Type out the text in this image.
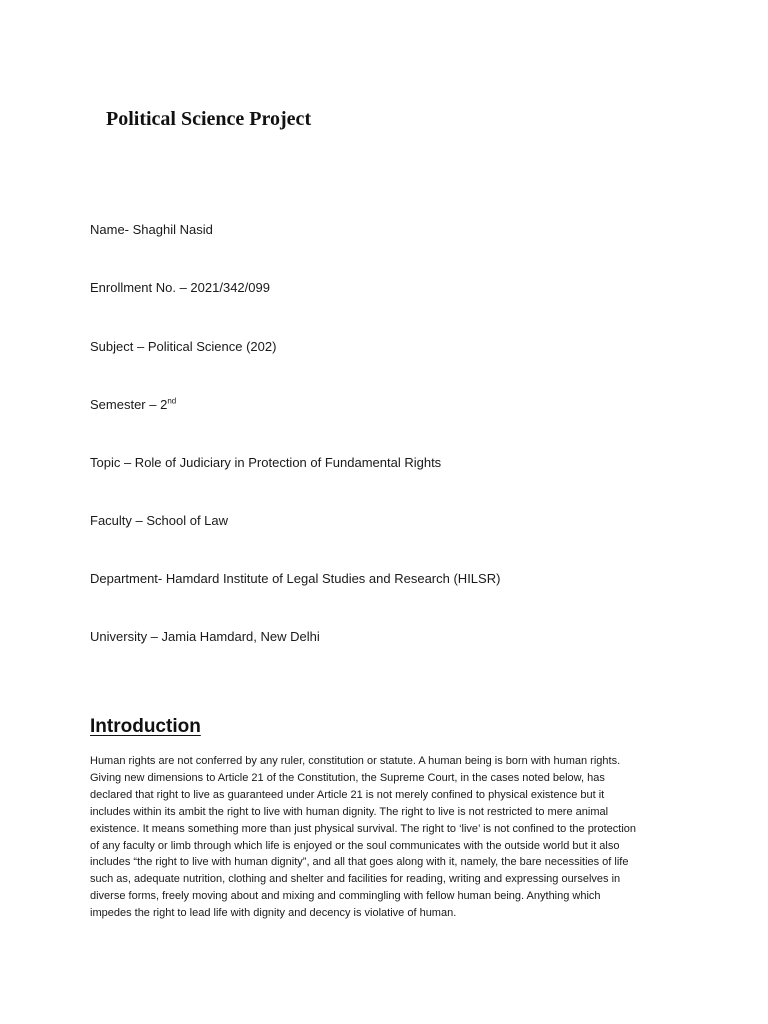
Political Science Project
Name- Shaghil Nasid
Enrollment No. – 2021/342/099
Subject – Political Science (202)
Semester – 2nd
Topic – Role of Judiciary in Protection of Fundamental Rights
Faculty – School of Law
Department- Hamdard Institute of Legal Studies and Research (HILSR)
University – Jamia Hamdard, New Delhi
Introduction
Human rights are not conferred by any ruler, constitution or statute. A human being is born with human rights.
Giving new dimensions to Article 21 of the Constitution, the Supreme Court, in the cases noted below, has
declared that right to live as guaranteed under Article 21 is not merely confined to physical existence but it
includes within its ambit the right to live with human dignity. The right to live is not restricted to mere animal
existence. It means something more than just physical survival. The right to ‘live’ is not confined to the protection
of any faculty or limb through which life is enjoyed or the soul communicates with the outside world but it also
includes “the right to live with human dignity”, and all that goes along with it, namely, the bare necessities of life
such as, adequate nutrition, clothing and shelter and facilities for reading, writing and expressing ourselves in
diverse forms, freely moving about and mixing and commingling with fellow human being. Anything which
impedes the right to lead life with dignity and decency is violative of human.
